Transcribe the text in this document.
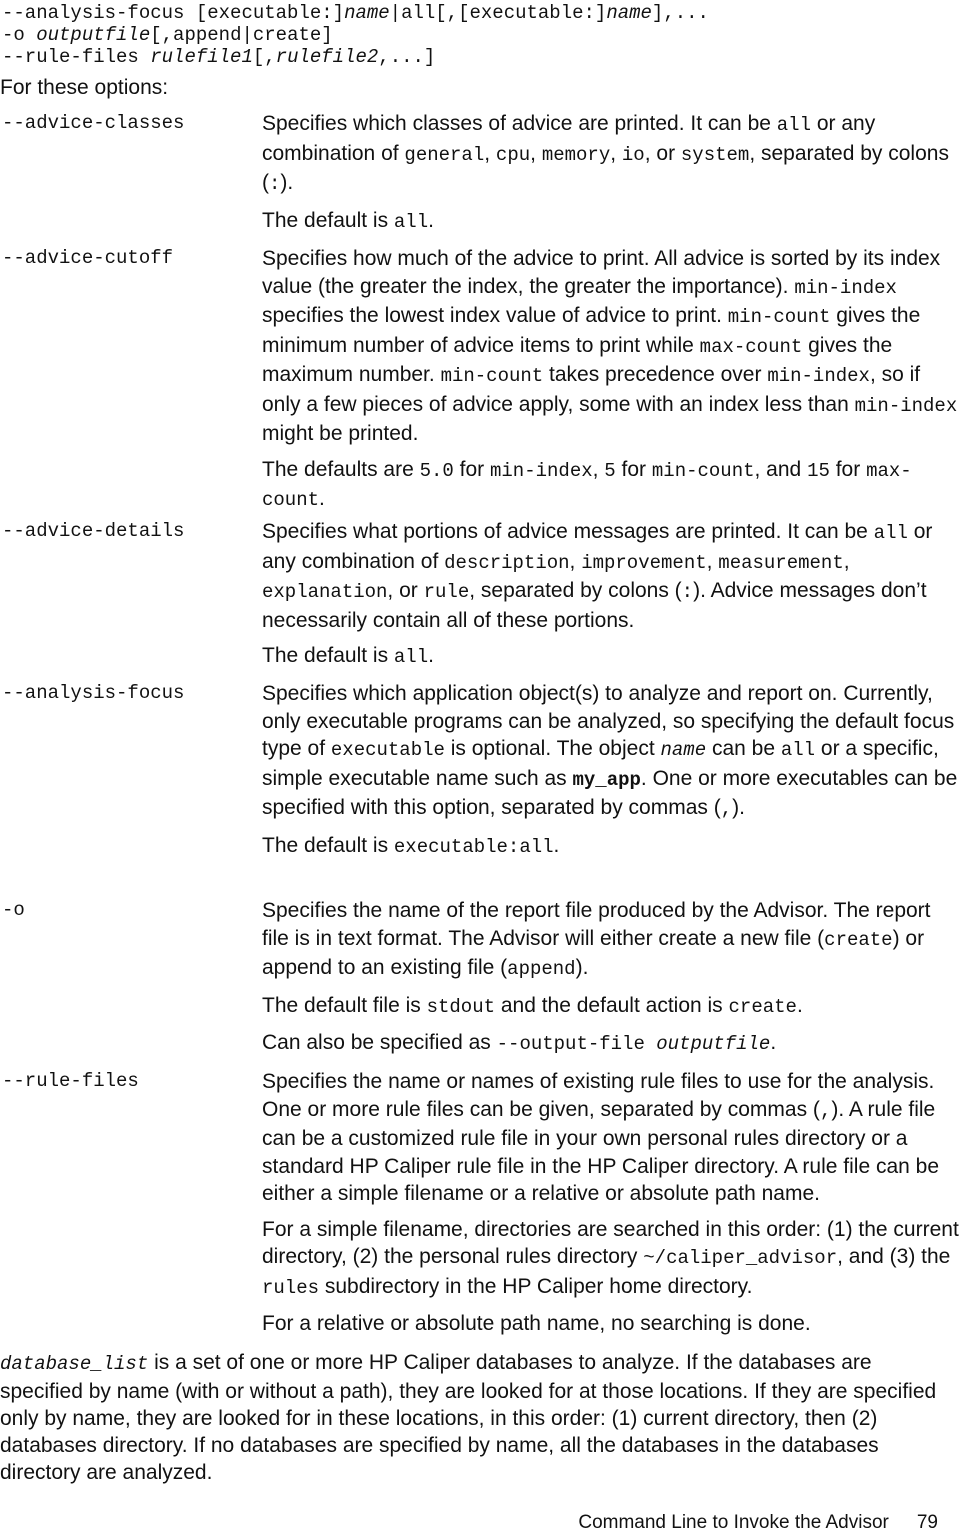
--analysis-focus [executable:]name|all[,[executable:]name],...
-o outputfile[,append|create]
--rule-files rulefile1[,rulefile2,...]
For these options:
--advice-classes	Specifies which classes of advice are printed. It can be all or any combination of general, cpu, memory, io, or system, separated by colons (:).

The default is all.

--advice-cutoff	Specifies how much of the advice to print. All advice is sorted by its index value (the greater the index, the greater the importance). min-index specifies the lowest index value of advice to print. min-count gives the minimum number of advice items to print while max-count gives the maximum number. min-count takes precedence over min-index, so if only a few pieces of advice apply, some with an index less than min-index might be printed.

The defaults are 5.0 for min-index, 5 for min-count, and 15 for max-count.

--advice-details	Specifies what portions of advice messages are printed. It can be all or any combination of description, improvement, measurement, explanation, or rule, separated by colons (:). Advice messages don’t necessarily contain all of these portions.

The default is all.

--analysis-focus	Specifies which application object(s) to analyze and report on. Currently, only executable programs can be analyzed, so specifying the default focus type of executable is optional. The object name can be all or a specific, simple executable name such as my_app. One or more executables can be specified with this option, separated by commas (,).

The default is executable:all.

-o	Specifies the name of the report file produced by the Advisor. The report file is in text format. The Advisor will either create a new file (create) or append to an existing file (append).

The default file is stdout and the default action is create.

Can also be specified as --output-file outputfile.

--rule-files	Specifies the name or names of existing rule files to use for the analysis. One or more rule files can be given, separated by commas (,). A rule file can be a customized rule file in your own personal rules directory or a standard HP Caliper rule file in the HP Caliper directory. A rule file can be either a simple filename or a relative or absolute path name.

For a simple filename, directories are searched in this order: (1) the current directory, (2) the personal rules directory ~/caliper_advisor, and (3) the rules subdirectory in the HP Caliper home directory.

For a relative or absolute path name, no searching is done.

database_list is a set of one or more HP Caliper databases to analyze. If the databases are specified by name (with or without a path), they are looked for at those locations. If they are specified only by name, they are looked for in these locations, in this order: (1) current directory, then (2) databases directory. If no databases are specified by name, all the databases in the databases directory are analyzed.
Command Line to Invoke the Advisor 79
